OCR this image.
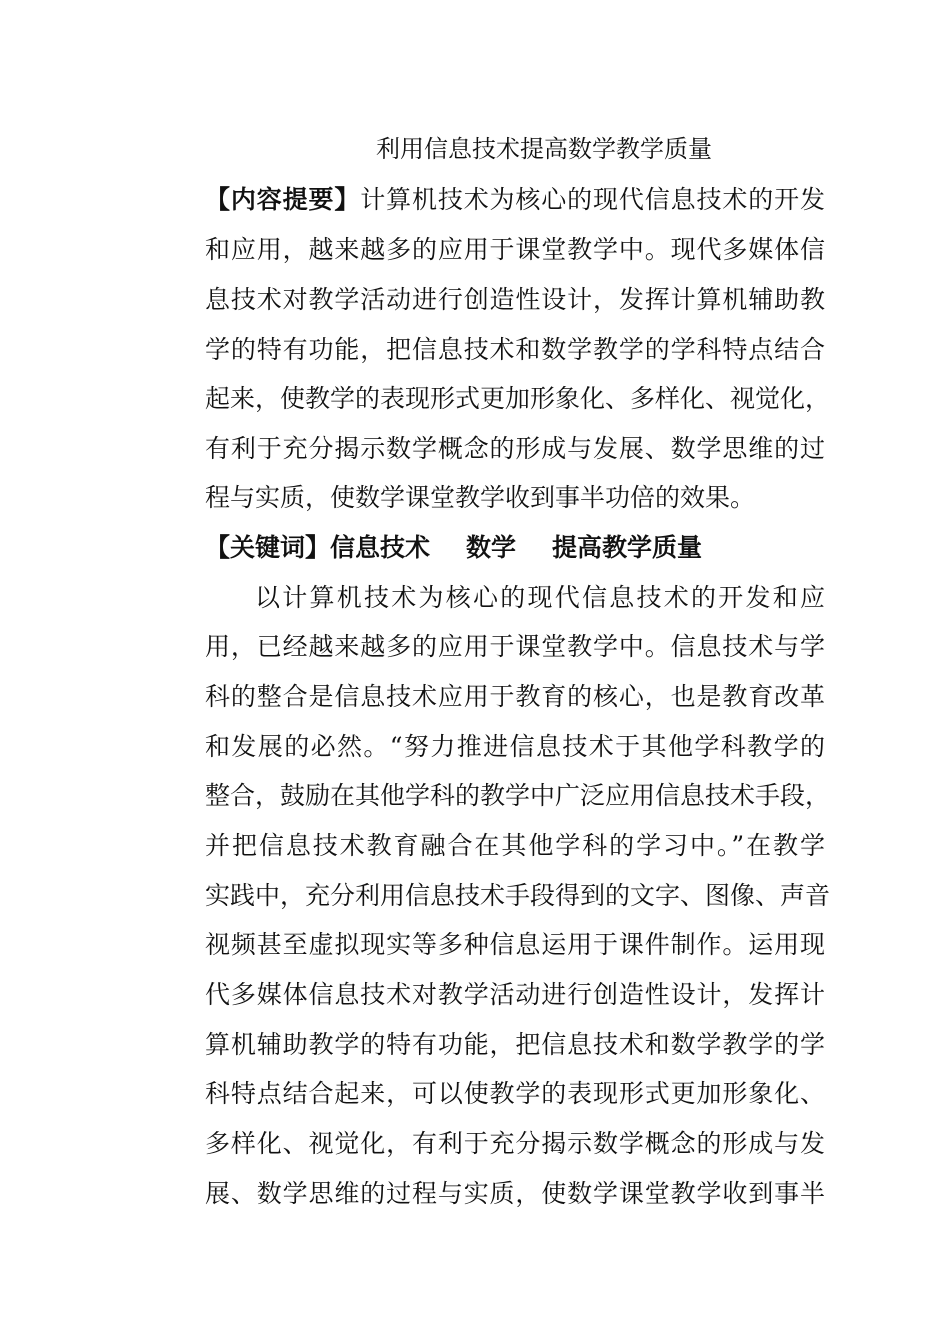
利用信息技术提高数学教学质量
【内容提要】计算机技术为核心的现代信息技术的开发
和应用，越来越多的应用于课堂教学中。现代多媒体信
息技术对教学活动进行创造性设计，发挥计算机辅助教
学的特有功能，把信息技术和数学教学的学科特点结合
起来，使教学的表现形式更加形象化、多样化、视觉化，
有利于充分揭示数学概念的形成与发展、数学思维的过
程与实质，使数学课堂教学收到事半功倍的效果。
【关键词】信息技术 数学 提高教学质量
以计算机技术为核心的现代信息技术的开发和应
用，已经越来越多的应用于课堂教学中。信息技术与学
科的整合是信息技术应用于教育的核心，也是教育改革
和发展的必然。“努力推进信息技术于其他学科教学的
整合，鼓励在其他学科的教学中广泛应用信息技术手段，
并把信息技术教育融合在其他学科的学习中。”在教学
实践中，充分利用信息技术手段得到的文字、图像、声音
视频甚至虚拟现实等多种信息运用于课件制作。运用现
代多媒体信息技术对教学活动进行创造性设计，发挥计
算机辅助教学的特有功能，把信息技术和数学教学的学
科特点结合起来，可以使教学的表现形式更加形象化、
多样化、视觉化，有利于充分揭示数学概念的形成与发
展、数学思维的过程与实质，使数学课堂教学收到事半
